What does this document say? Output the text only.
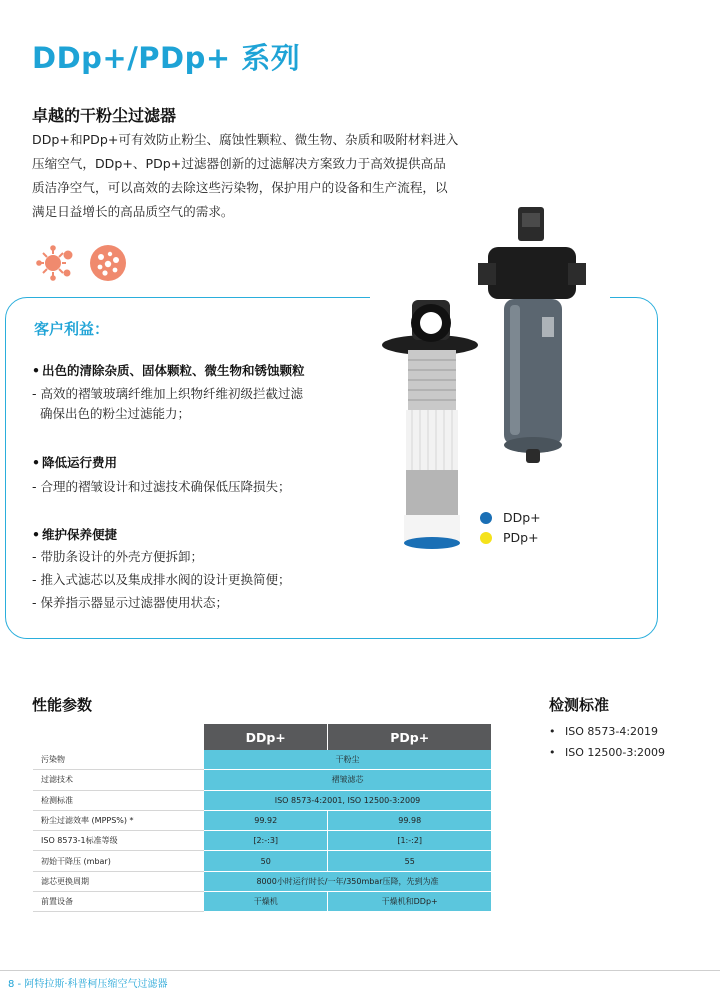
DDp+/PDp+ 系列
卓越的干粉尘过滤器

DDp+和PDp+可有效防止粉尘、腐蚀性颗粒、微生物、杂质和吸附材料进入

压缩空气，DDp+、PDp+过滤器创新的过滤解决方案致力于高效提供高品

质洁净空气，可以高效的去除这些污染物，保护用户的设备和生产流程，以

满足日益增长的高品质空气的需求。

客户利益：
• 出色的清除杂质、固体颗粒、微生物和锈蚀颗粒
- 高效的褶皱玻璃纤维加上织物纤维初级拦截过滤
确保出色的粉尘过滤能力；
• 降低运行费用
- 合理的褶皱设计和过滤技术确保低压降损失；
• 维护保养便捷
- 带肋条设计的外壳方便拆卸；
- 推入式滤芯以及集成排水阀的设计更换简便；
- 保养指示器显示过滤器使用状态；
DDp+
PDp+
性能参数
	DDp+	PDp+
污染物	干粉尘	
过滤技术	褶皱滤芯	
检测标准	ISO 8573-4:2001, ISO 12500-3:2009	
粉尘过滤效率 (MPPS%) *	99.92	99.98
ISO 8573-1标准等级	[2:-:3]	[1:-:2]
初始干降压 (mbar)	50	55
滤芯更换周期	8000小时运行时长/一年/350mbar压降，先到为准	
前置设备	干燥机	干燥机和DDp+
检测标准
• ISO 8573-4:2019
• ISO 12500-3:2009
8 - 阿特拉斯·科普柯压缩空气过滤器
